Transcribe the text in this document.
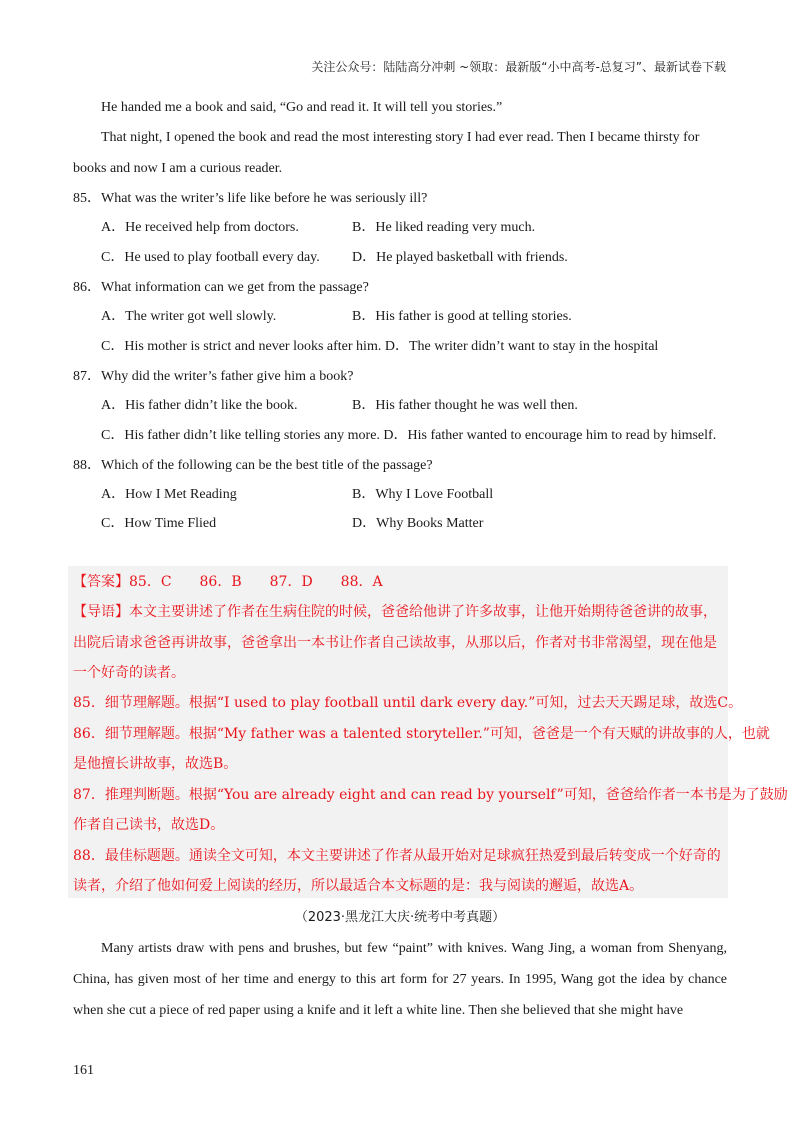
关注公众号：陆陆高分冲刺 ~领取：最新版“小中高考-总复习”、最新试卷下载
He handed me a book and said, “Go and read it. It will tell you stories.”
That night, I opened the book and read the most interesting story I had ever read. Then I became thirsty for
books and now I am a curious reader.
85．What was the writer’s life like before he was seriously ill?
A．He received help from doctors.	B．He liked reading very much.
C．He used to play football every day. D．He played basketball with friends.
86．What information can we get from the passage?
A．The writer got well slowly.	B．His father is good at telling stories.
C．His mother is strict and never looks after him. D．The writer didn’t want to stay in the hospital
87．Why did the writer’s father give him a book?
A．His father didn’t like the book.	B．His father thought he was well then.
C．His father didn’t like telling stories any more. D．His father wanted to encourage him to read by himself.
88．Which of the following can be the best title of the passage?
A．How I Met Reading	B．Why I Love Football
C．How Time Flied	D．Why Books Matter
【答案】85．C　　86．B　　87．D　　88．A
【导语】本文主要讲述了作者在生病住院的时候，爸爸给他讲了许多故事，让他开始期待爸爸讲的故事，
出院后请求爸爸再讲故事，爸爸拿出一本书让作者自己读故事，从那以后，作者对书非常渴望，现在他是
一个好奇的读者。
85．细节理解题。根据“I used to play football until dark every day.”可知，过去天天踢足球，故选C。
86．细节理解题。根据“My father was a talented storyteller.”可知，爸爸是一个有天赋的讲故事的人，也就
是他擅长讲故事，故选B。
87．推理判断题。根据“You are already eight and can read by yourself”可知，爸爸给作者一本书是为了鼓励
作者自己读书，故选D。
88．最佳标题题。通读全文可知，本文主要讲述了作者从最开始对足球疯狂热爱到最后转变成一个好奇的
读者，介绍了他如何爱上阅读的经历，所以最适合本文标题的是：我与阅读的邂逅，故选A。
（2023·黑龙江大庆·统考中考真题）
Many artists draw with pens and brushes, but few “paint” with knives. Wang Jing, a woman from Shenyang, China, has given most of her time and energy to this art form for 27 years. In 1995, Wang got the idea by chance when she cut a piece of red paper using a knife and it left a white line. Then she believed that she might have
161
